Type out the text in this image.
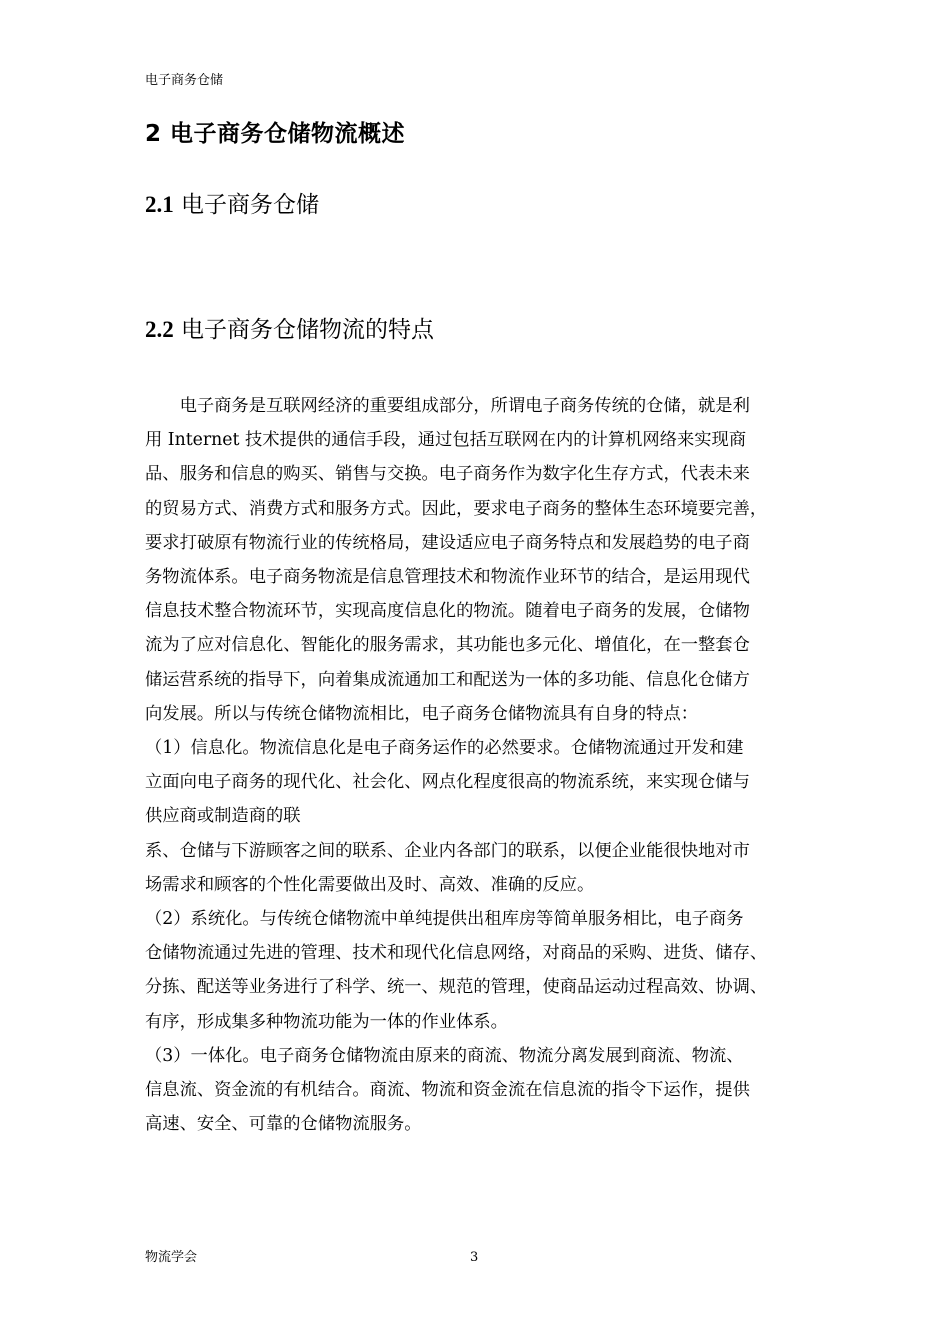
电子商务仓储
2 电子商务仓储物流概述
2.1 电子商务仓储
2.2 电子商务仓储物流的特点
　　电子商务是互联网经济的重要组成部分，所谓电子商务传统的仓储，就是利
用 Internet 技术提供的通信手段，通过包括互联网在内的计算机网络来实现商
品、服务和信息的购买、销售与交换。电子商务作为数字化生存方式，代表未来
的贸易方式、消费方式和服务方式。因此，要求电子商务的整体生态环境要完善，
要求打破原有物流行业的传统格局，建设适应电子商务特点和发展趋势的电子商
务物流体系。电子商务物流是信息管理技术和物流作业环节的结合，是运用现代
信息技术整合物流环节，实现高度信息化的物流。随着电子商务的发展，仓储物
流为了应对信息化、智能化的服务需求，其功能也多元化、增值化，在一整套仓
储运营系统的指导下，向着集成流通加工和配送为一体的多功能、信息化仓储方
向发展。所以与传统仓储物流相比，电子商务仓储物流具有自身的特点：
（1）信息化。物流信息化是电子商务运作的必然要求。仓储物流通过开发和建
立面向电子商务的现代化、社会化、网点化程度很高的物流系统，来实现仓储与
供应商或制造商的联
系、仓储与下游顾客之间的联系、企业内各部门的联系，以便企业能很快地对市
场需求和顾客的个性化需要做出及时、高效、准确的反应。
（2）系统化。与传统仓储物流中单纯提供出租库房等简单服务相比，电子商务
仓储物流通过先进的管理、技术和现代化信息网络，对商品的采购、进货、储存、
分拣、配送等业务进行了科学、统一、规范的管理，使商品运动过程高效、协调、
有序，形成集多种物流功能为一体的作业体系。
（3）一体化。电子商务仓储物流由原来的商流、物流分离发展到商流、物流、
信息流、资金流的有机结合。商流、物流和资金流在信息流的指令下运作，提供
高速、安全、可靠的仓储物流服务。
物流学会	3
